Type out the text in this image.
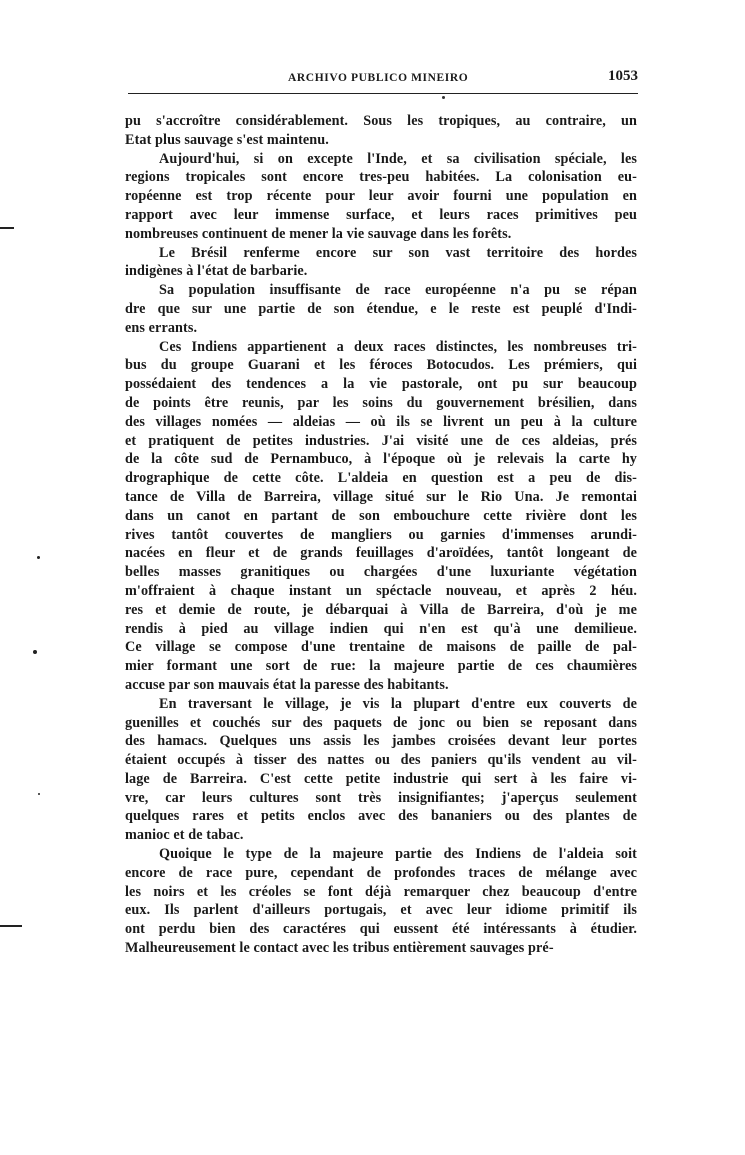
ARCHIVO PUBLICO MINEIRO	1053
pu s'accroître considérablement. Sous les tropiques, au contraire, un
Etat plus sauvage s'est maintenu.
Aujourd'hui, si on excepte l'Inde, et sa civilisation spéciale, les
regions tropicales sont encore tres-peu habitées. La colonisation eu-
ropéenne est trop récente pour leur avoir fourni une population en
rapport avec leur immense surface, et leurs races primitives peu
nombreuses continuent de mener la vie sauvage dans les forêts.
Le Brésil renferme encore sur son vast territoire des hordes
indigènes à l'état de barbarie.
Sa population insuffisante de race européenne n'a pu se répan
dre que sur une partie de son étendue, e le reste est peuplé d'Indi-
ens errants.
Ces Indiens appartienent a deux races distinctes, les nombreuses tri-
bus du groupe Guarani et les féroces Botocudos. Les prémiers, qui
possédaient des tendences a la vie pastorale, ont pu sur beaucoup
de points être reunis, par les soins du gouvernement brésilien, dans
des villages nomées — aldeias — où ils se livrent un peu à la culture
et pratiquent de petites industries. J'ai visité une de ces aldeias, prés
de la côte sud de Pernambuco, à l'époque où je relevais la carte hy
drographique de cette côte. L'aldeia en question est a peu de dis-
tance de Villa de Barreira, village situé sur le Rio Una. Je remontai
dans un canot en partant de son embouchure cette rivière dont les
rives tantôt couvertes de mangliers ou garnies d'immenses arundi-
nacées en fleur et de grands feuillages d'aroïdées, tantôt longeant de
belles masses granitiques ou chargées d'une luxuriante végétation
m'offraient à chaque instant un spéctacle nouveau, et après 2 héu.
res et demie de route, je débarquai à Villa de Barreira, d'où je me
rendis à pied au village indien qui n'en est qu'à une demilieue.
Ce village se compose d'une trentaine de maisons de paille de pal-
mier formant une sort de rue: la majeure partie de ces chaumières
accuse par son mauvais état la paresse des habitants.
En traversant le village, je vis la plupart d'entre eux couverts de
guenilles et couchés sur des paquets de jonc ou bien se reposant dans
des hamacs. Quelques uns assis les jambes croisées devant leur portes
étaient occupés à tisser des nattes ou des paniers qu'ils vendent au vil-
lage de Barreira. C'est cette petite industrie qui sert à les faire vi-
vre, car leurs cultures sont très insignifiantes; j'aperçus seulement
quelques rares et petits enclos avec des bananiers ou des plantes de
manioc et de tabac.
Quoique le type de la majeure partie des Indiens de l'aldeia soit
encore de race pure, cependant de profondes traces de mélange avec
les noirs et les créoles se font déjà remarquer chez beaucoup d'entre
eux. Ils parlent d'ailleurs portugais, et avec leur idiome primitif ils
ont perdu bien des caractéres qui eussent été intéressants à étudier.
Malheureusement le contact avec les tribus entièrement sauvages pré-
